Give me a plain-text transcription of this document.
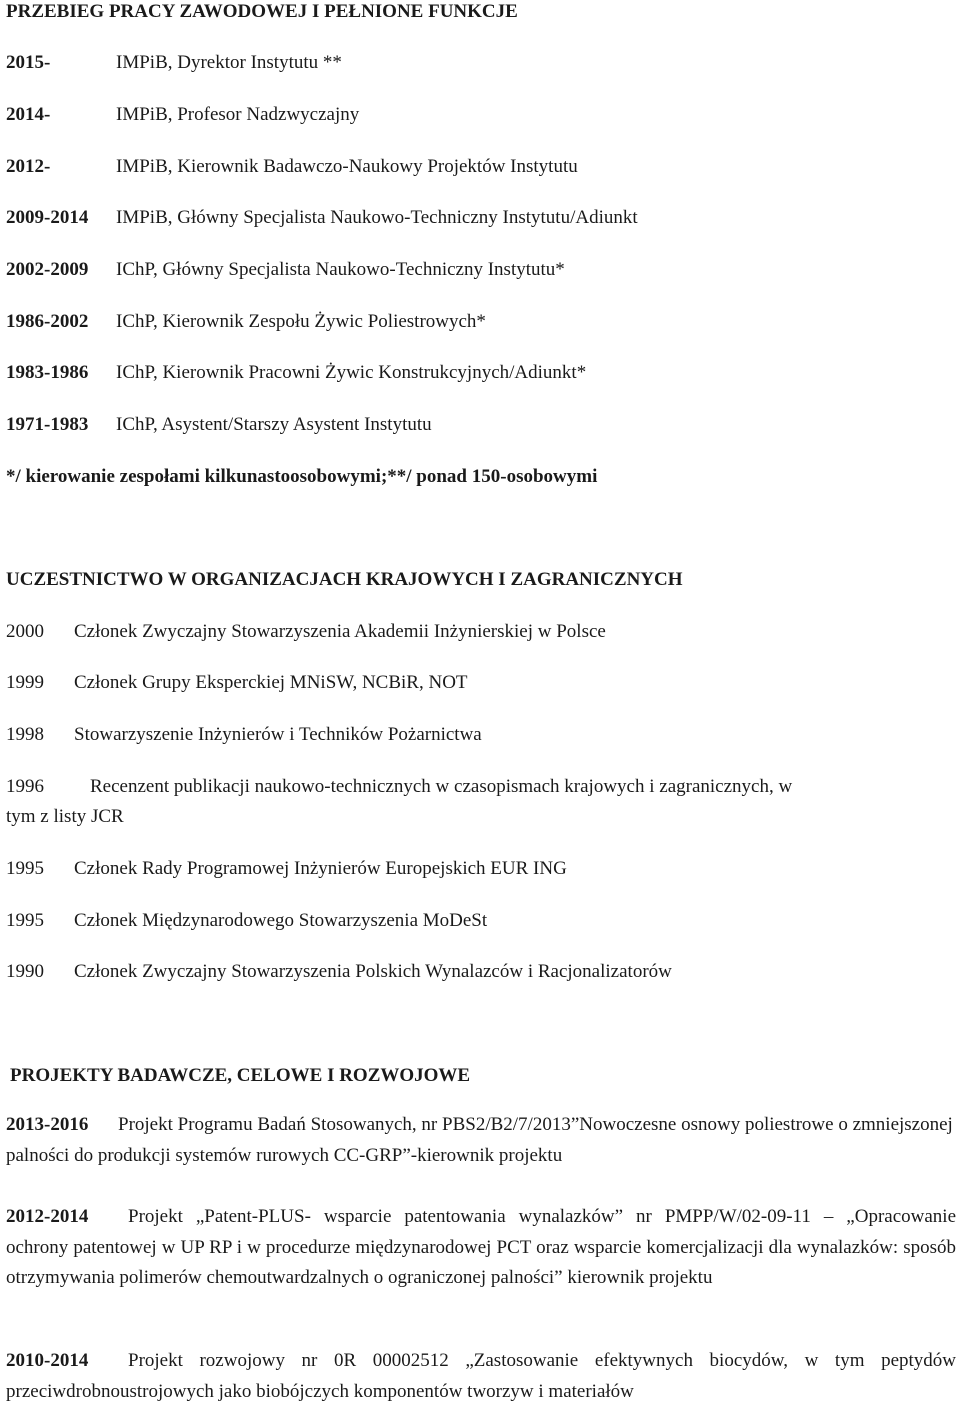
PRZEBIEG PRACY ZAWODOWEJ I PEŁNIONE FUNKCJE
2015-	IMPiB, Dyrektor Instytutu **
2014-	IMPiB, Profesor Nadzwyczajny
2012-	IMPiB, Kierownik Badawczo-Naukowy Projektów Instytutu
2009-2014 IMPiB, Główny Specjalista Naukowo-Techniczny Instytutu/Adiunkt
2002-2009 IChP, Główny Specjalista Naukowo-Techniczny Instytutu*
1986-2002 IChP, Kierownik Zespołu Żywic Poliestrowych*
1983-1986 IChP, Kierownik Pracowni Żywic Konstrukcyjnych/Adiunkt*
1971-1983 IChP, Asystent/Starszy Asystent Instytutu
*/ kierowanie zespołami kilkunastoosobowymi;**/ ponad 150-osobowymi
UCZESTNICTWO W ORGANIZACJACH KRAJOWYCH I ZAGRANICZNYCH
2000 Członek Zwyczajny Stowarzyszenia Akademii Inżynierskiej w Polsce
1999 Członek Grupy Eksperckiej MNiSW, NCBiR, NOT
1998 Stowarzyszenie Inżynierów i Techników Pożarnictwa
1996 Recenzent publikacji naukowo-technicznych w czasopismach krajowych i zagranicznych, w
tym z listy JCR
1995 Członek Rady Programowej Inżynierów Europejskich EUR ING
1995 Członek Międzynarodowego Stowarzyszenia MoDeSt
1990 Członek Zwyczajny Stowarzyszenia Polskich Wynalazców i Racjonalizatorów
PROJEKTY BADAWCZE, CELOWE I ROZWOJOWE
2013-2016 Projekt Programu Badań Stosowanych, nr PBS2/B2/7/2013”Nowoczesne osnowy poliestrowe o zmniejszonej palności do produkcji systemów rurowych CC-GRP”-kierownik projektu
2012-2014 Projekt „Patent-PLUS- wsparcie patentowania wynalazków” nr PMPP/W/02-09-11 – „Opracowanie ochrony patentowej w UP RP i w procedurze międzynarodowej PCT oraz wsparcie komercjalizacji dla wynalazków: sposób otrzymywania polimerów chemoutwardzalnych o ograniczonej palności” kierownik projektu
2010-2014 Projekt rozwojowy nr 0R 00002512 „Zastosowanie efektywnych biocydów, w tym peptydów przeciwdrobnoustrojowych jako biobójczych komponentów tworzyw i materiałów
